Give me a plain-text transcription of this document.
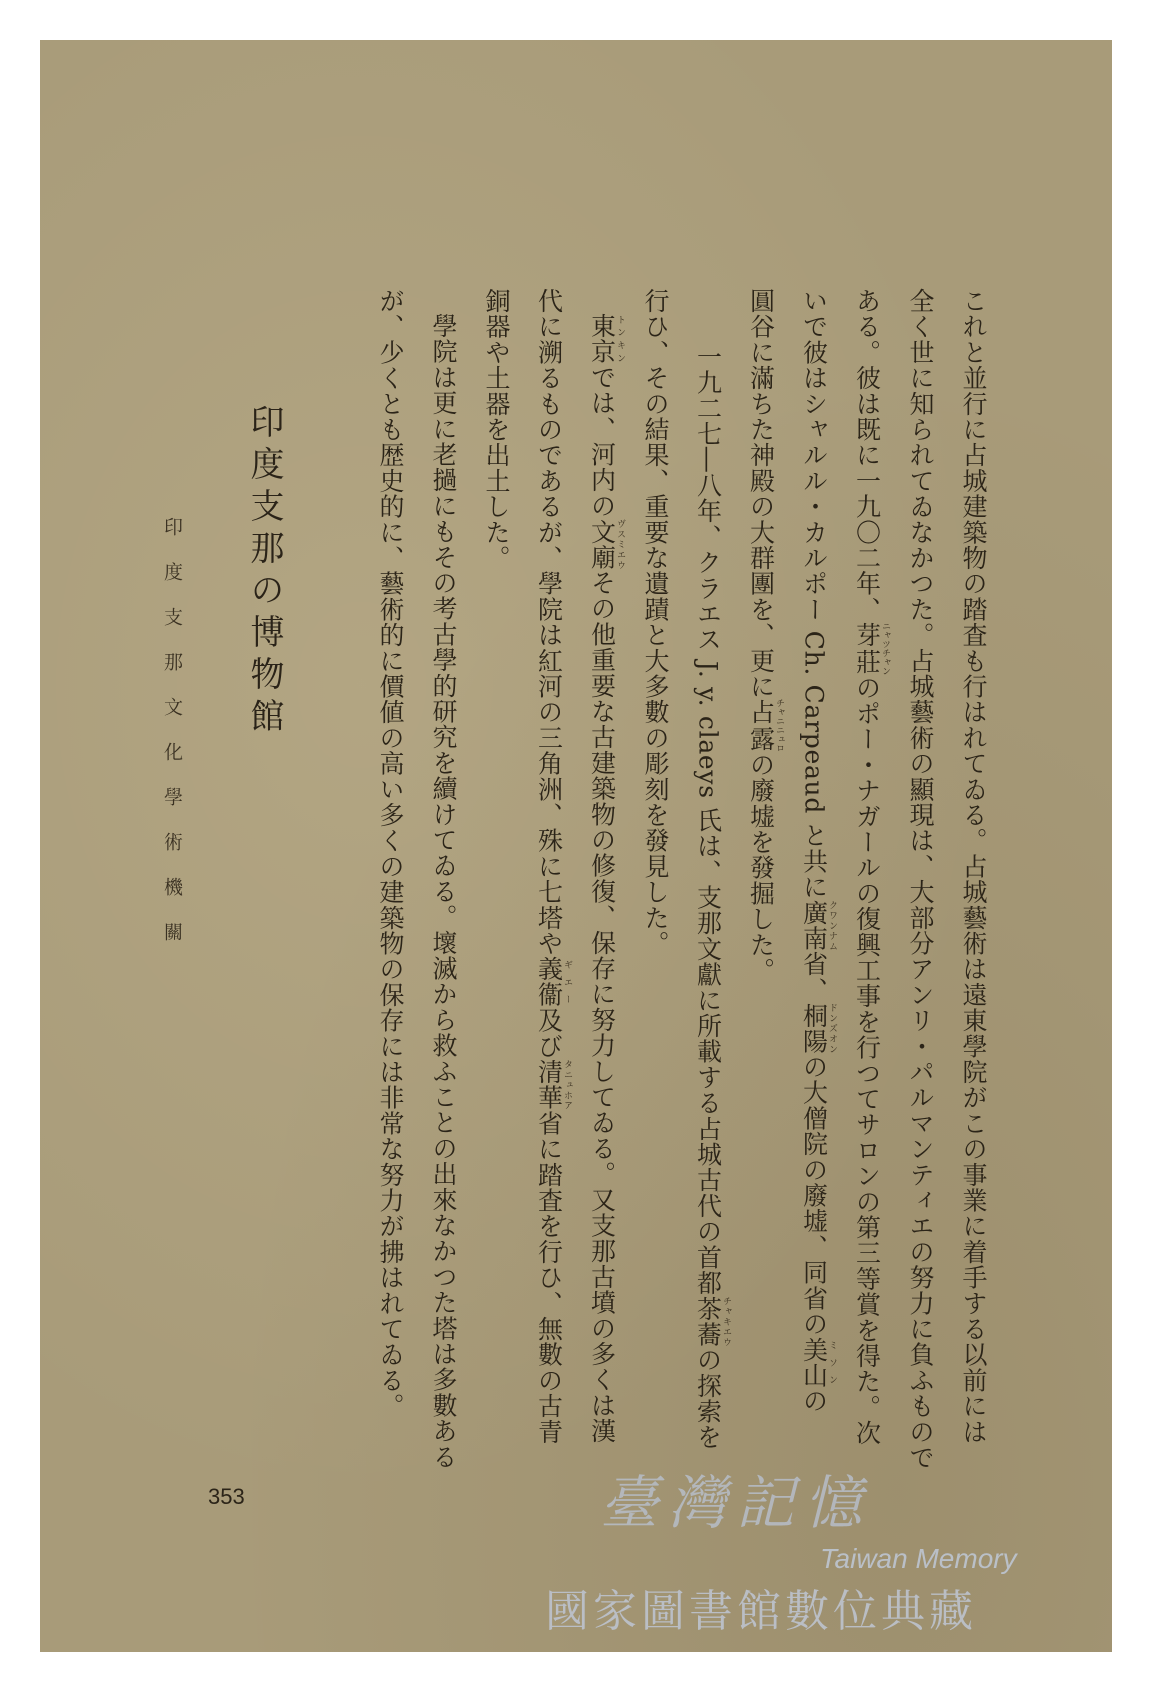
印度支那文化學術機關 印度支那の博物館	これと並行に占城建築物の踏査も行はれてゐる。占城藝術は遠東學院がこの事業に着手する以前には
全く世に知られてゐなかつた。占城藝術の顯現は、大部分アンリ・パルマンティエの努力に負ふもので
ある。彼は既に一九〇二年、芽莊ニャツチャンのポー・ナガールの復興工事を行つてサロンの第三等賞を得た。次
いで彼はシャルル・カルポー Ch. Carpeaud と共に廣南クワンナム省、桐陽ドンズオンの大僧院の廢墟、同省の美山ミソンの
圓谷に滿ちた神殿の大群團を、更に占露チャニニュロの廢墟を發掘した。
一九二七―八年、クラエス J. y. claeys 氏は、支那文獻に所載する占城古代の首都茶蕎チャキエウの探索を
行ひ、その結果、重要な遺蹟と大多數の彫刻を發見した。
東京トンキンでは、河内の文廟ヴスミエウその他重要な古建築物の修復、保存に努力してゐる。又支那古墳の多くは漢
代に溯るものであるが、學院は紅河の三角洲、殊に七塔や義衞ギエー及び清華タニュホア省に踏査を行ひ、無數の古青
銅器や土器を出土した。
學院は更に老撾にもその考古學的研究を續けてゐる。壞滅から救ふことの出來なかつた塔は多數ある
が、少くとも歴史的に、藝術的に價値の高い多くの建築物の保存には非常な努力が拂はれてゐる。
353	臺灣記憶
Taiwan Memory
國家圖書館數位典藏
